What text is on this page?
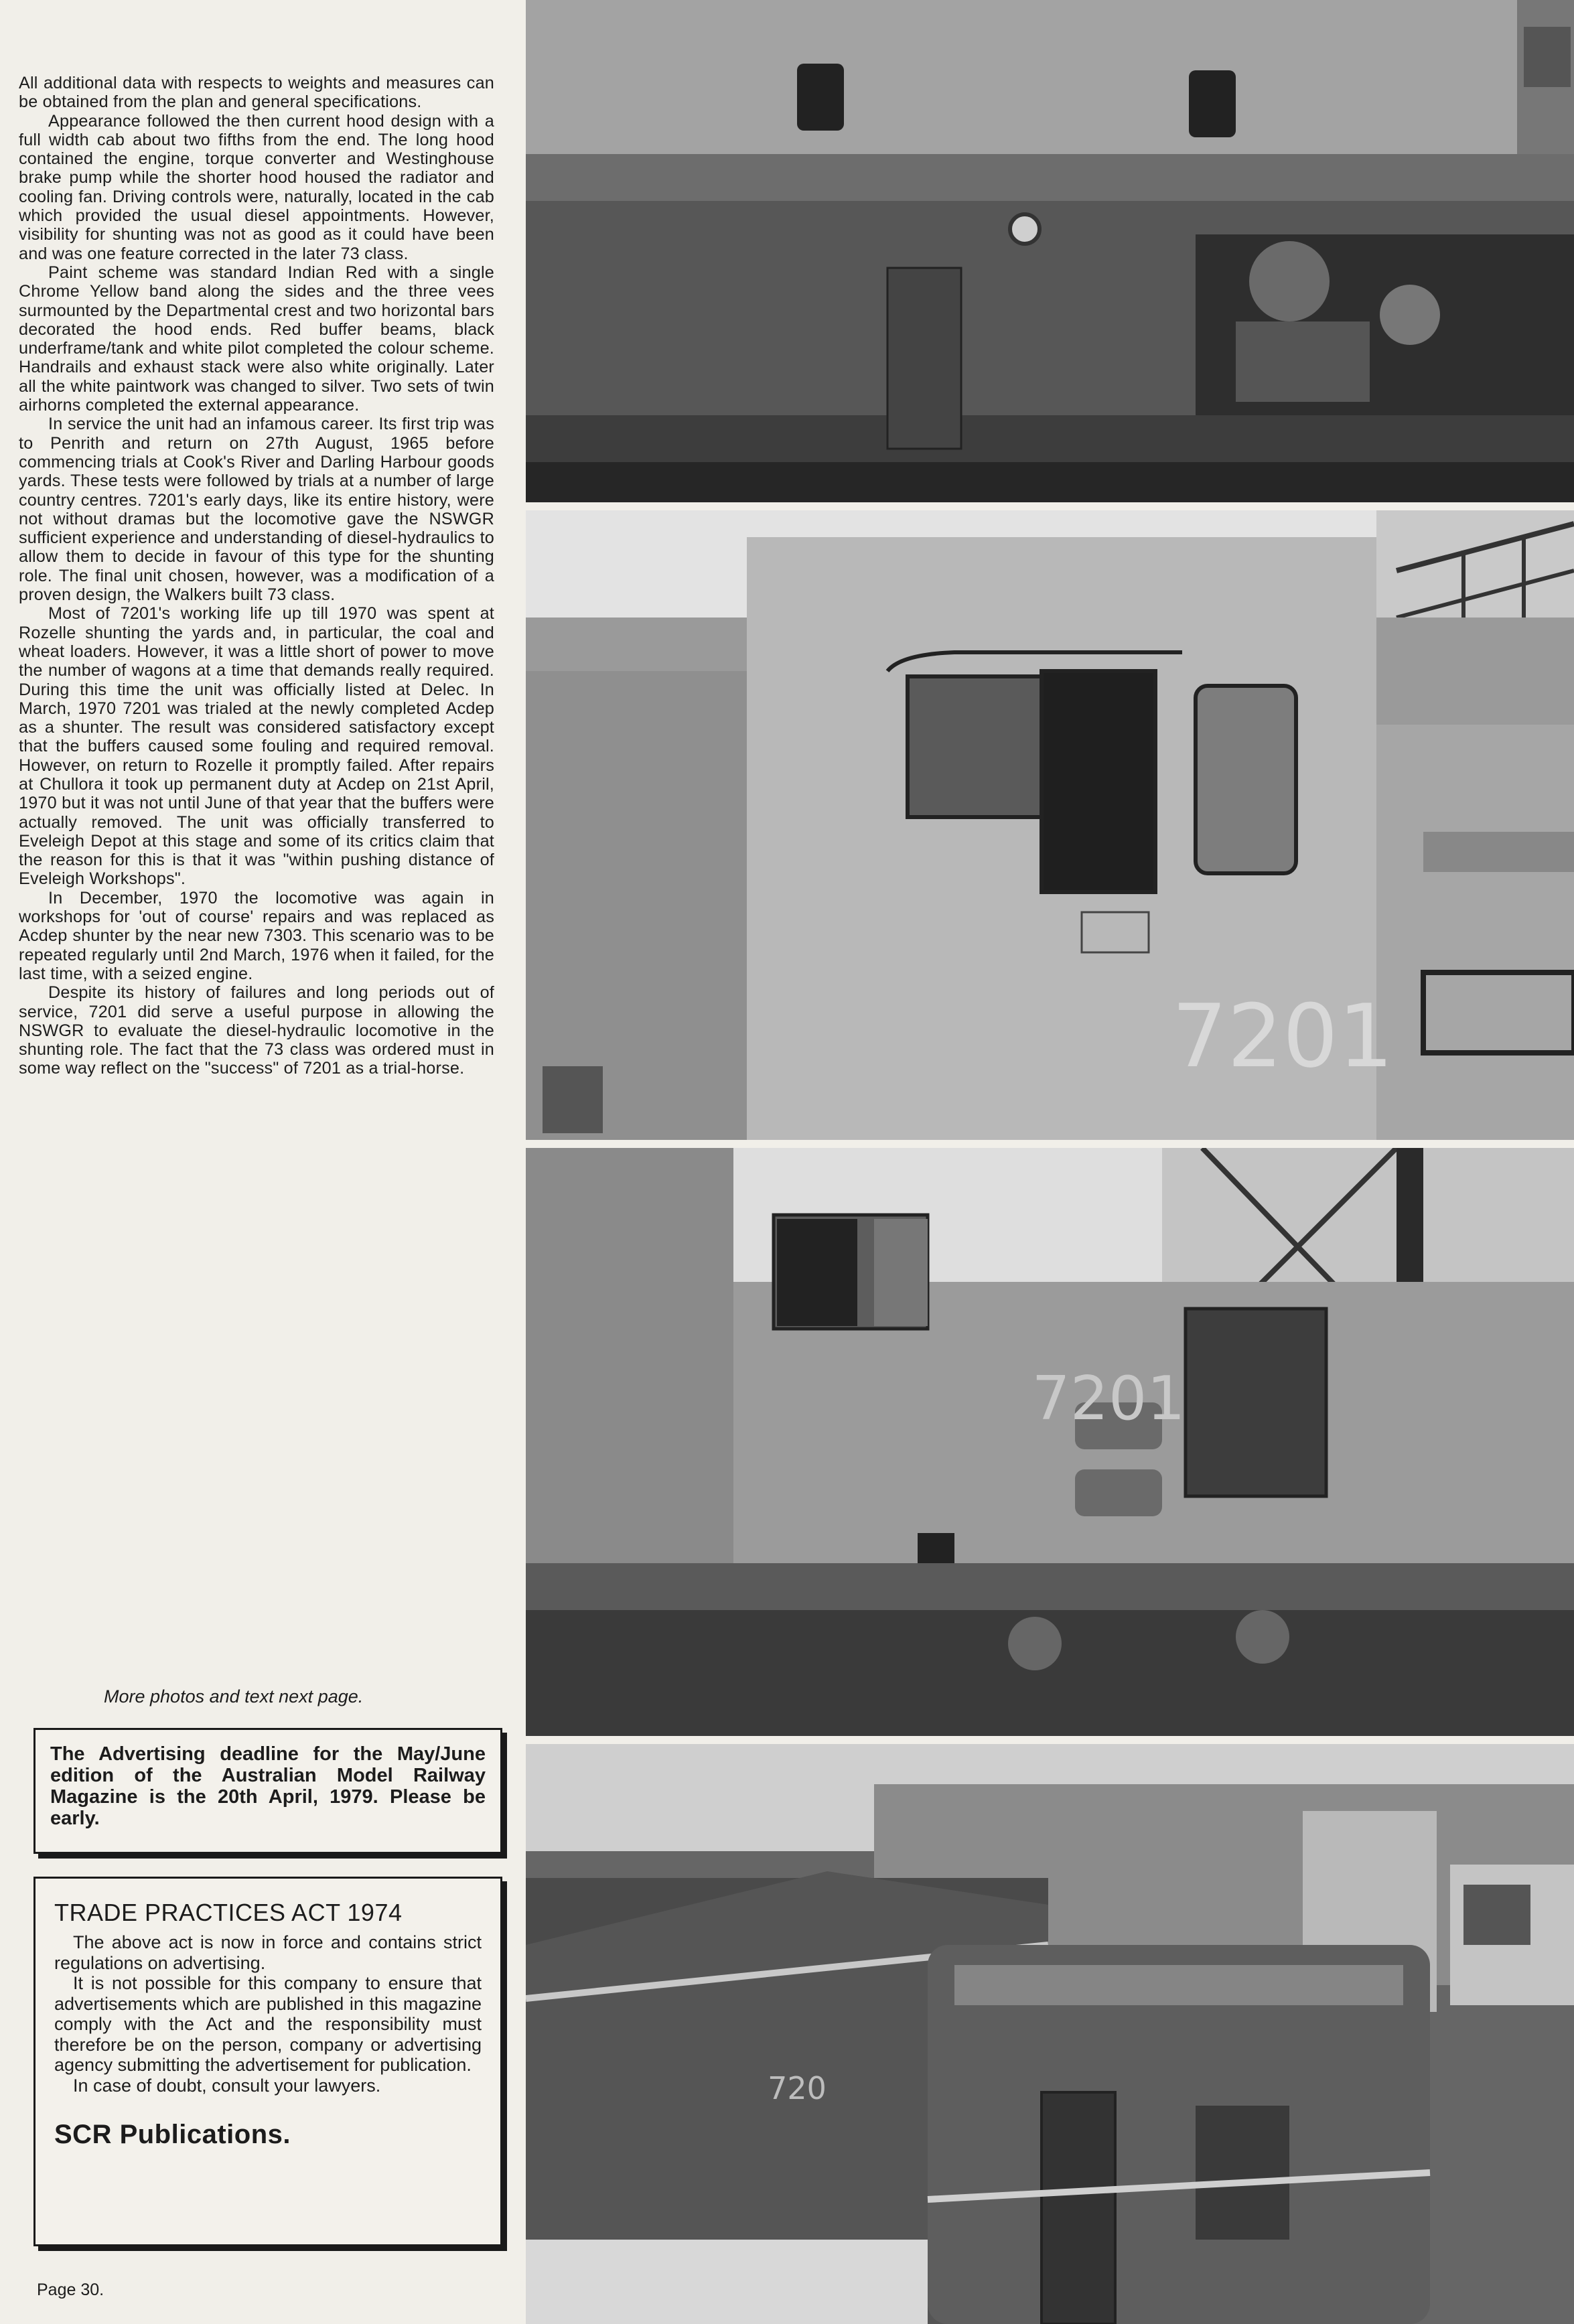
All additional data with respects to weights and measures can be obtained from the plan and general specifications.

Appearance followed the then current hood design with a full width cab about two fifths from the end. The long hood contained the engine, torque converter and Westinghouse brake pump while the shorter hood housed the radiator and cooling fan. Driving controls were, naturally, located in the cab which provided the usual diesel appointments. However, visibility for shunting was not as good as it could have been and was one feature corrected in the later 73 class.

Paint scheme was standard Indian Red with a single Chrome Yellow band along the sides and the three vees surmounted by the Departmental crest and two horizontal bars decorated the hood ends. Red buffer beams, black underframe/tank and white pilot completed the colour scheme. Handrails and exhaust stack were also white originally. Later all the white paintwork was changed to silver. Two sets of twin airhorns completed the external appearance.

In service the unit had an infamous career. Its first trip was to Penrith and return on 27th August, 1965 before commencing trials at Cook's River and Darling Harbour goods yards. These tests were followed by trials at a number of large country centres. 7201's early days, like its entire history, were not without dramas but the locomotive gave the NSWGR sufficient experience and understanding of diesel-hydraulics to allow them to decide in favour of this type for the shunting role. The final unit chosen, however, was a modification of a proven design, the Walkers built 73 class.

Most of 7201's working life up till 1970 was spent at Rozelle shunting the yards and, in particular, the coal and wheat loaders. However, it was a little short of power to move the number of wagons at a time that demands really required. During this time the unit was officially listed at Delec. In March, 1970 7201 was trialed at the newly completed Acdep as a shunter. The result was considered satisfactory except that the buffers caused some fouling and required removal. However, on return to Rozelle it promptly failed. After repairs at Chullora it took up permanent duty at Acdep on 21st April, 1970 but it was not until June of that year that the buffers were actually removed. The unit was officially transferred to Eveleigh Depot at this stage and some of its critics claim that the reason for this is that it was "within pushing distance of Eveleigh Workshops".

In December, 1970 the locomotive was again in workshops for 'out of course' repairs and was replaced as Acdep shunter by the near new 7303. This scenario was to be repeated regularly until 2nd March, 1976 when it failed, for the last time, with a seized engine.

Despite its history of failures and long periods out of service, 7201 did serve a useful purpose in allowing the NSWGR to evaluate the diesel-hydraulic locomotive in the shunting role. The fact that the 73 class was ordered must in some way reflect on the "success" of 7201 as a trial-horse.

More photos and text next page.

The Advertising deadline for the May/June edition of the Australian Model Railway Magazine is the 20th April, 1979. Please be early.

TRADE PRACTICES ACT 1974

The above act is now in force and contains strict regulations on advertising.

It is not possible for this company to ensure that advertisements which are published in this magazine comply with the Act and the responsibility must therefore be on the person, company or advertising agency submitting the advertisement for publication.

In case of doubt, consult your lawyers.

SCR Publications.
Page 30.
7201
7201
720
